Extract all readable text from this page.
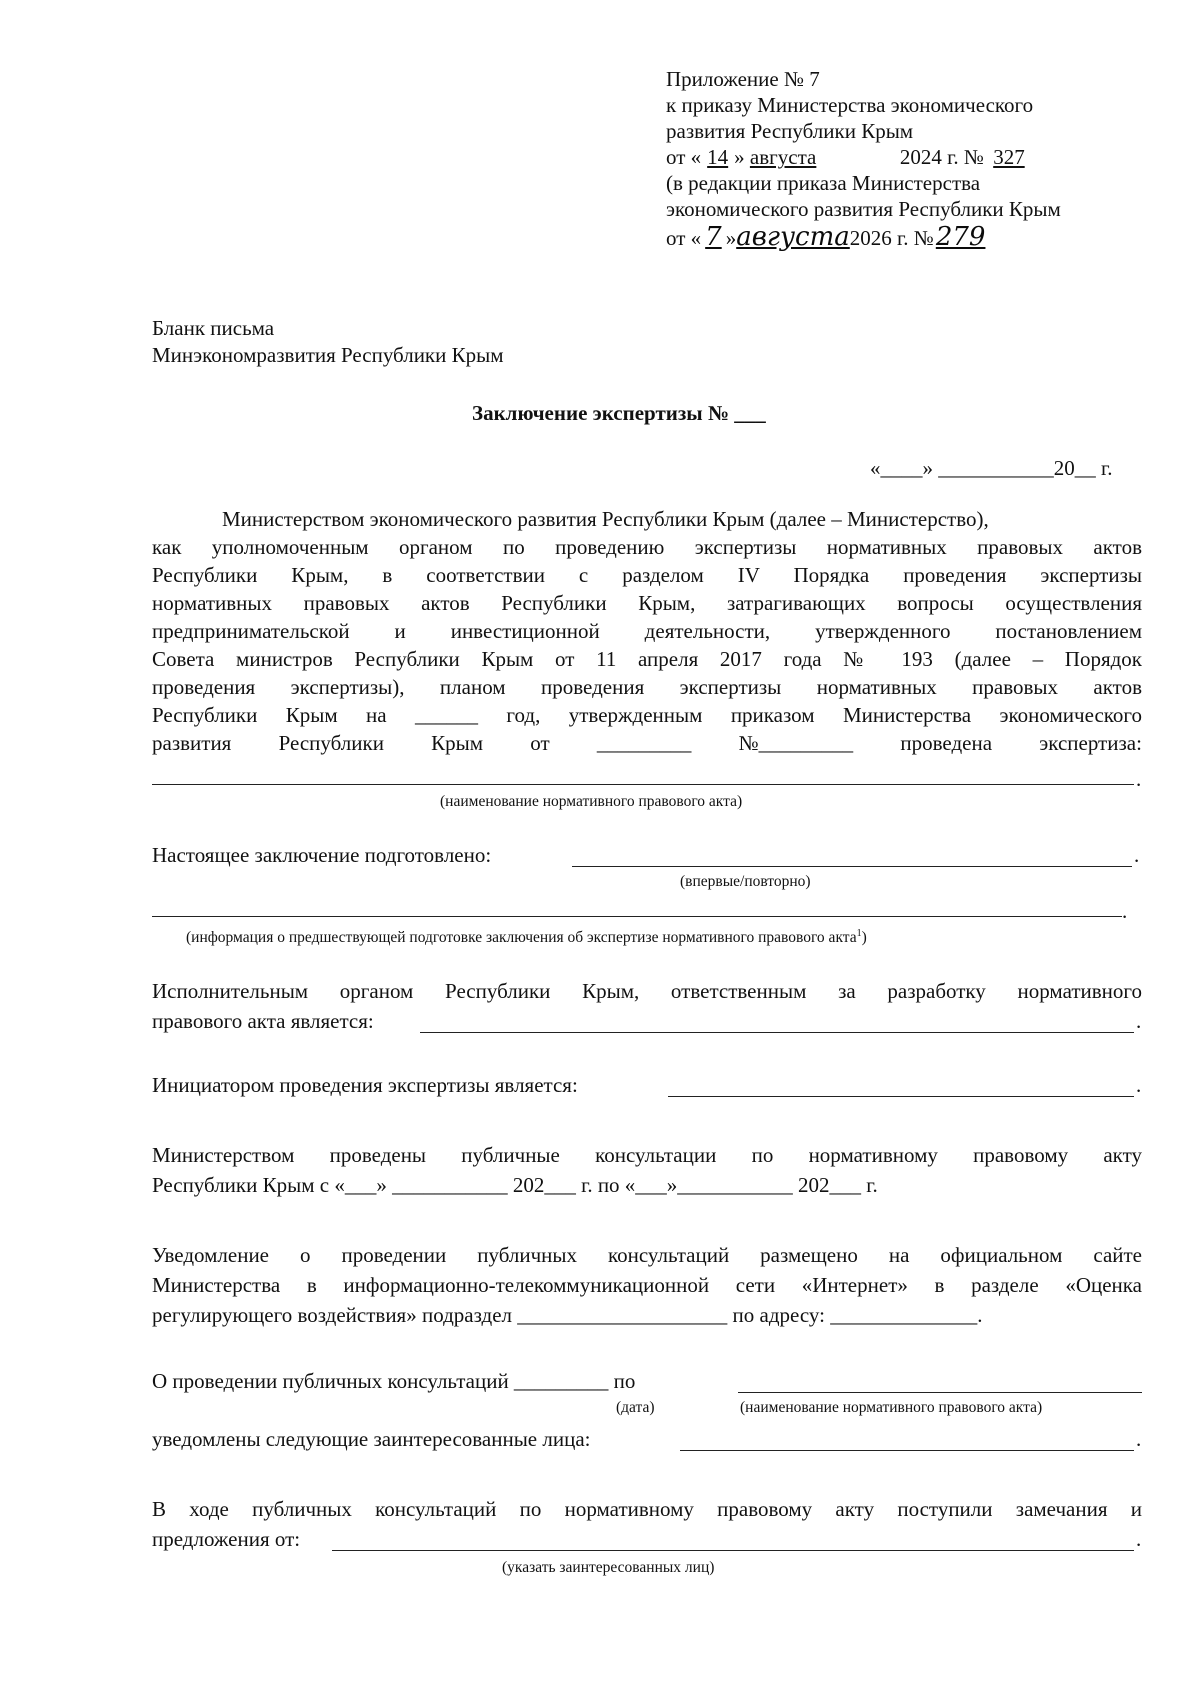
Приложение № 7
к приказу Министерства экономического
развития Республики Крым
от « 14 » августа	2024 г. № 327
(в редакции приказа Министерства
экономического развития Республики Крым
от « 7 »августа2026 г. №279
Бланк письма
Минэкономразвития Республики Крым
Заключение экспертизы № ___
«____» ___________20__ г.
Министерством экономического развития Республики Крым (далее – Министерство),
как уполномоченным органом по проведению экспертизы нормативных правовых актов
Республики Крым, в соответствии с разделом IV Порядка проведения экспертизы
нормативных правовых актов Республики Крым, затрагивающих вопросы осуществления
предпринимательской и инвестиционной деятельности, утвержденного постановлением
Совета министров Республики Крым от 11 апреля 2017 года № 193 (далее – Порядок
проведения экспертизы), планом проведения экспертизы нормативных правовых актов
Республики Крым на ______ год, утвержденным приказом Министерства экономического
развития Республики Крым от _________ №_________ проведена экспертиза:
.
(наименование нормативного правового акта)
Настоящее заключение подготовлено:	.
(впервые/повторно)
.
(информация о предшествующей подготовке заключения об экспертизе нормативного правового акта$^1$)
Исполнительным органом Республики Крым, ответственным за разработку нормативного
правового акта является:	.
Инициатором проведения экспертизы является:	.
Министерством проведены публичные консультации по нормативному правовому акту
Республики Крым с «___» ___________ 202___ г. по «___»___________ 202___ г.
Уведомление о проведении публичных консультаций размещено на официальном сайте
Министерства в информационно-телекоммуникационной сети «Интернет» в разделе «Оценка
регулирующего воздействия» подраздел ____________________ по адресу: ______________.
О проведении публичных консультаций _________ по
(дата)	(наименование нормативного правового акта)
уведомлены следующие заинтересованные лица:	.
В ходе публичных консультаций по нормативному правовому акту поступили замечания и
предложения от:	.
(указать заинтересованных лиц)
